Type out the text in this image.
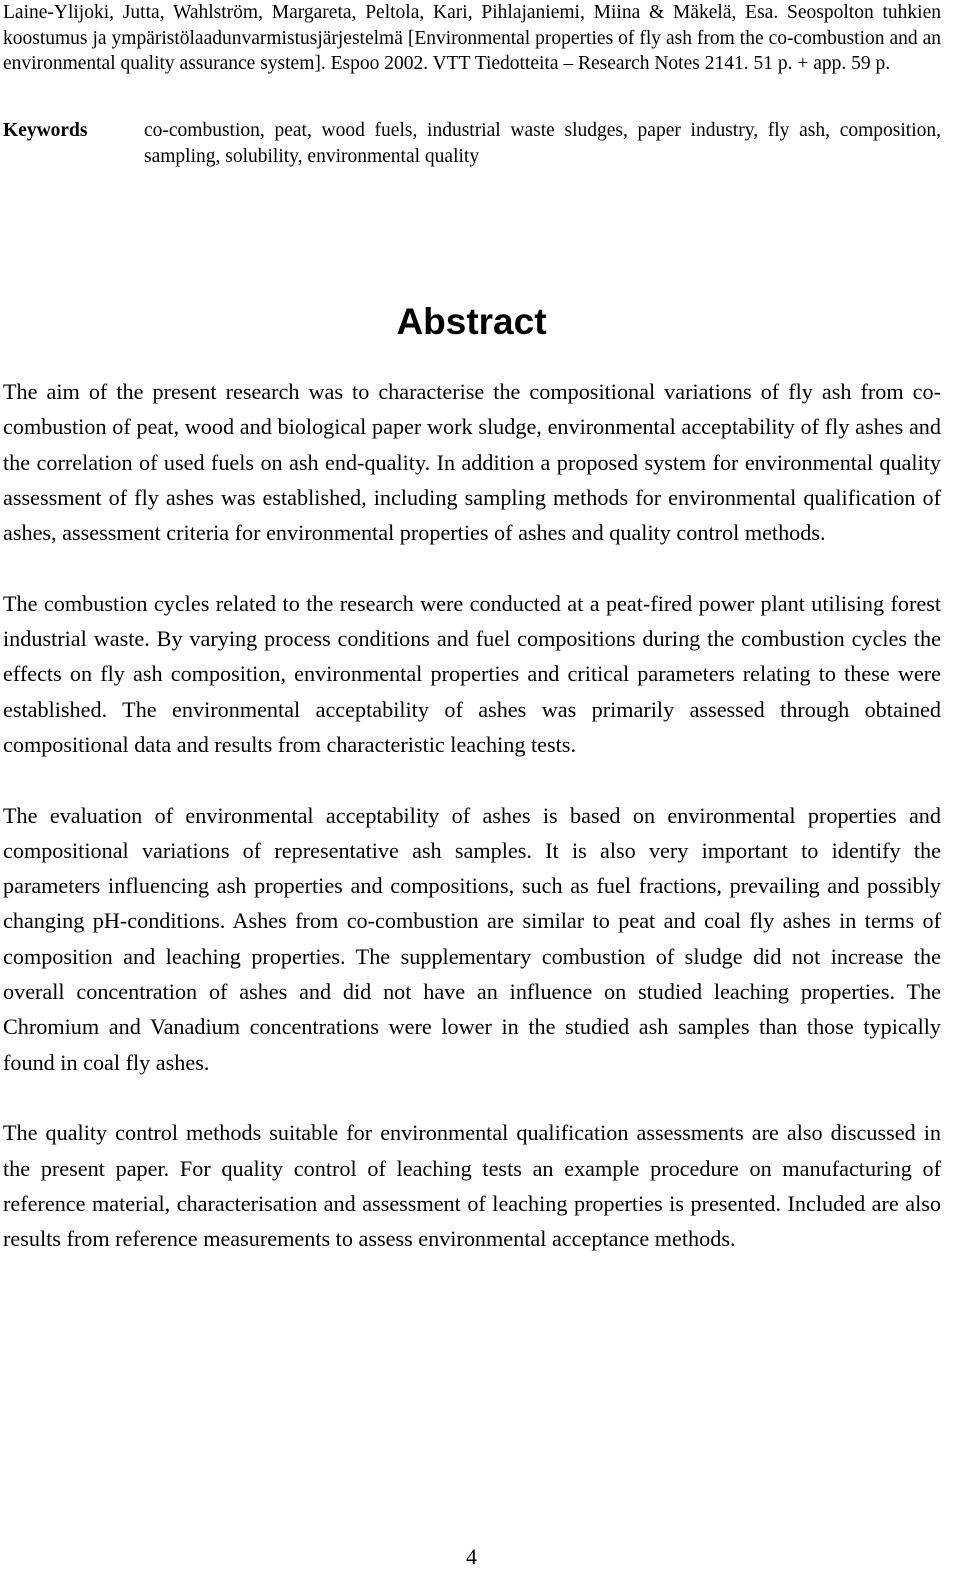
Laine-Ylijoki, Jutta, Wahlström, Margareta, Peltola, Kari, Pihlajaniemi, Miina & Mäkelä, Esa. Seospolton tuhkien koostumus ja ympäristölaadunvarmistusjärjestelmä [Environmental properties of fly ash from the co-combustion and an environmental quality assurance system]. Espoo 2002. VTT Tiedotteita – Research Notes 2141. 51 p. + app. 59 p.

Keywords	co-combustion, peat, wood fuels, industrial waste sludges, paper industry, fly ash, composition, sampling, solubility, environmental quality

Abstract

The aim of the present research was to characterise the compositional variations of fly ash from co-combustion of peat, wood and biological paper work sludge, environmental acceptability of fly ashes and the correlation of used fuels on ash end-quality. In addition a proposed system for environmental quality assessment of fly ashes was established, including sampling methods for environmental qualification of ashes, assessment criteria for environmental properties of ashes and quality control methods.

The combustion cycles related to the research were conducted at a peat-fired power plant utilising forest industrial waste. By varying process conditions and fuel compositions during the combustion cycles the effects on fly ash composition, environmental properties and critical parameters relating to these were established. The environmental acceptability of ashes was primarily assessed through obtained compositional data and results from characteristic leaching tests.

The evaluation of environmental acceptability of ashes is based on environmental properties and compositional variations of representative ash samples. It is also very important to identify the parameters influencing ash properties and compositions, such as fuel fractions, prevailing and possibly changing pH-conditions. Ashes from co-combustion are similar to peat and coal fly ashes in terms of composition and leaching properties. The supplementary combustion of sludge did not increase the overall concentration of ashes and did not have an influence on studied leaching properties. The Chromium and Vanadium concentrations were lower in the studied ash samples than those typically found in coal fly ashes.

The quality control methods suitable for environmental qualification assessments are also discussed in the present paper. For quality control of leaching tests an example procedure on manufacturing of reference material, characterisation and assessment of leaching properties is presented. Included are also results from reference measurements to assess environmental acceptance methods.

4
